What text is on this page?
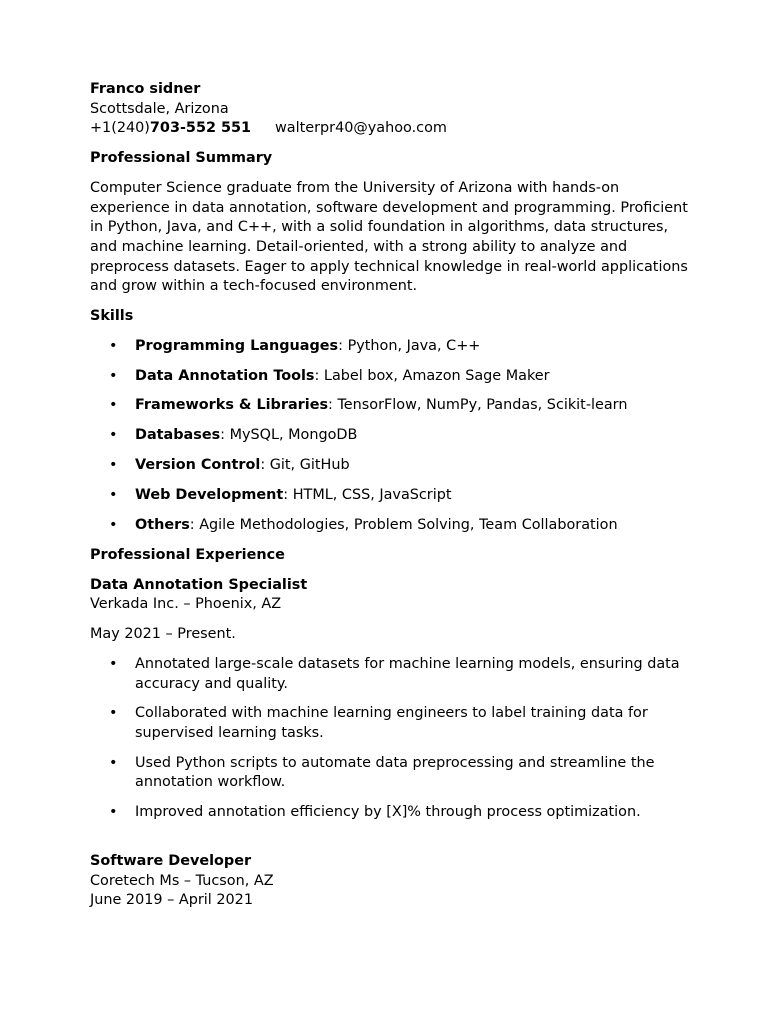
Franco sidner
Scottsdale, Arizona
+1(240)703-552 551 walterpr40@yahoo.com
Professional Summary

Computer Science graduate from the University of Arizona with hands-on experience in data annotation, software development and programming. Proficient in Python, Java, and C++, with a solid foundation in algorithms, data structures, and machine learning. Detail-oriented, with a strong ability to analyze and preprocess datasets. Eager to apply technical knowledge in real-world applications and grow within a tech-focused environment.

Skills
• Programming Languages: Python, Java, C++
• Data Annotation Tools: Label box, Amazon Sage Maker
• Frameworks & Libraries: TensorFlow, NumPy, Pandas, Scikit-learn
• Databases: MySQL, MongoDB
• Version Control: Git, GitHub
• Web Development: HTML, CSS, JavaScript
• Others: Agile Methodologies, Problem Solving, Team Collaboration
Professional Experience
Data Annotation Specialist
Verkada Inc. – Phoenix, AZ
May 2021 – Present.
• Annotated large-scale datasets for machine learning models, ensuring data accuracy and quality.
• Collaborated with machine learning engineers to label training data for supervised learning tasks.
• Used Python scripts to automate data preprocessing and streamline the annotation workflow.
• Improved annotation efficiency by [X]% through process optimization.
Software Developer
Coretech Ms – Tucson, AZ
June 2019 – April 2021
